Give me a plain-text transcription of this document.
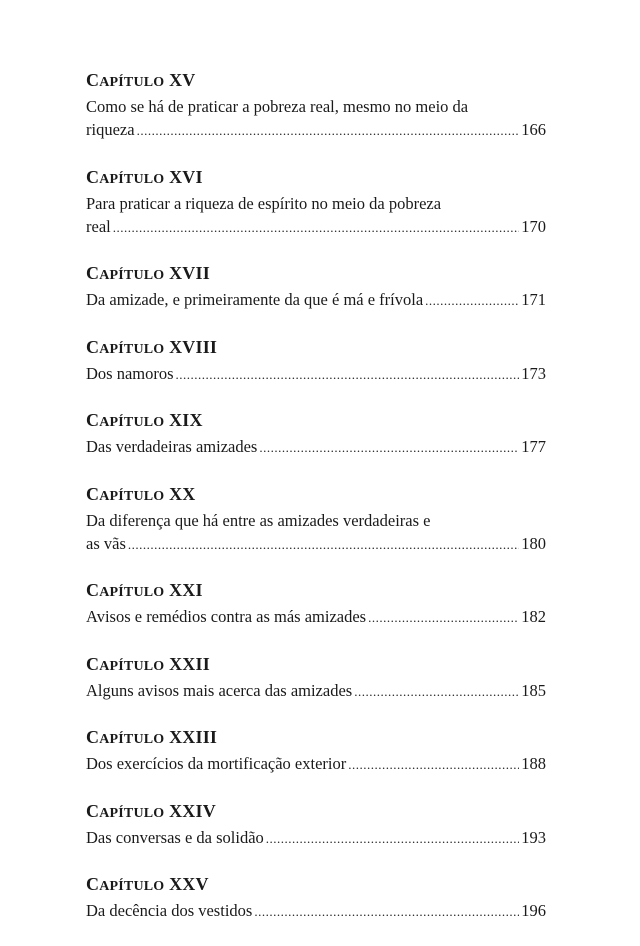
CAPÍTULO XV
Como se há de praticar a pobreza real, mesmo no meio da
riqueza .....	166
CAPÍTULO XVI
Para praticar a riqueza de espírito no meio da pobreza
real .....	170
CAPÍTULO XVII
Da amizade, e primeiramente da que é má e frívola .....	171
CAPÍTULO XVIII
Dos namoros .....	173
CAPÍTULO XIX
Das verdadeiras amizades .....	177
CAPÍTULO XX
Da diferença que há entre as amizades verdadeiras e
as vãs .....	180
CAPÍTULO XXI
Avisos e remédios contra as más amizades .....	182
CAPÍTULO XXII
Alguns avisos mais acerca das amizades .....	185
CAPÍTULO XXIII
Dos exercícios da mortificação exterior .....	188
CAPÍTULO XXIV
Das conversas e da solidão .....	193
CAPÍTULO XXV
Da decência dos vestidos .....	196
